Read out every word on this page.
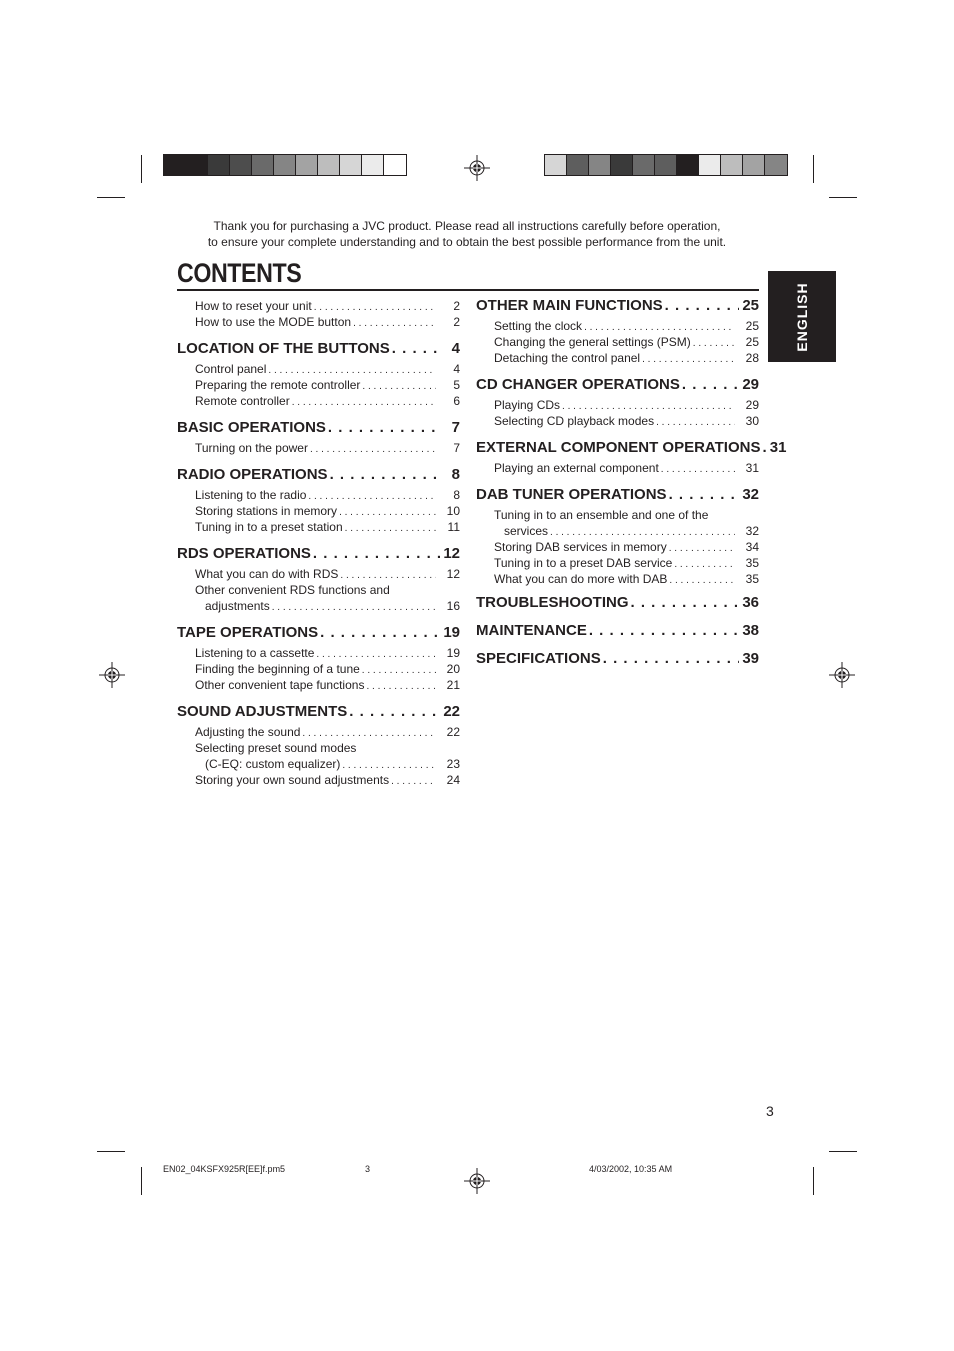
Thank you for purchasing a JVC product. Please read all instructions carefully before operation,
to ensure your complete understanding and to obtain the best possible performance from the unit.
CONTENTS
ENGLISH
How to reset your unit . . .	2
How to use the MODE button . . .	2
LOCATION OF THE BUTTONS . . .	4
Control panel . . .	4
Preparing the remote controller . . .	5
Remote controller . . .	6
BASIC OPERATIONS . . .	7
Turning on the power . . .	7
RADIO OPERATIONS . . .	8
Listening to the radio . . .	8
Storing stations in memory . . .	10
Tuning in to a preset station . . .	11
RDS OPERATIONS . . .	12
What you can do with RDS . . .	12
Other convenient RDS functions and
adjustments . . .	16
TAPE OPERATIONS . . .	19
Listening to a cassette . . .	19
Finding the beginning of a tune . . .	20
Other convenient tape functions . . .	21
SOUND ADJUSTMENTS . . .	22
Adjusting the sound . . .	22
Selecting preset sound modes
(C-EQ: custom equalizer) . . .	23
Storing your own sound adjustments . . .	24
OTHER MAIN FUNCTIONS . . .	25
Setting the clock . . .	25
Changing the general settings (PSM) . . .	25
Detaching the control panel . . .	28
CD CHANGER OPERATIONS . . .	29
Playing CDs . . .	29
Selecting CD playback modes . . .	30
EXTERNAL COMPONENT OPERATIONS . . . 31
Playing an external component . . .	31
DAB TUNER OPERATIONS . . .	32
Tuning in to an ensemble and one of the
services . . .	32
Storing DAB services in memory . . .	34
Tuning in to a preset DAB service . . .	35
What you can do more with DAB . . .	35
TROUBLESHOOTING . . .	36
MAINTENANCE . . .	38
SPECIFICATIONS . . .	39
3
EN02_04KSFX925R[EE]f.pm5	3	4/03/2002, 10:35 AM
